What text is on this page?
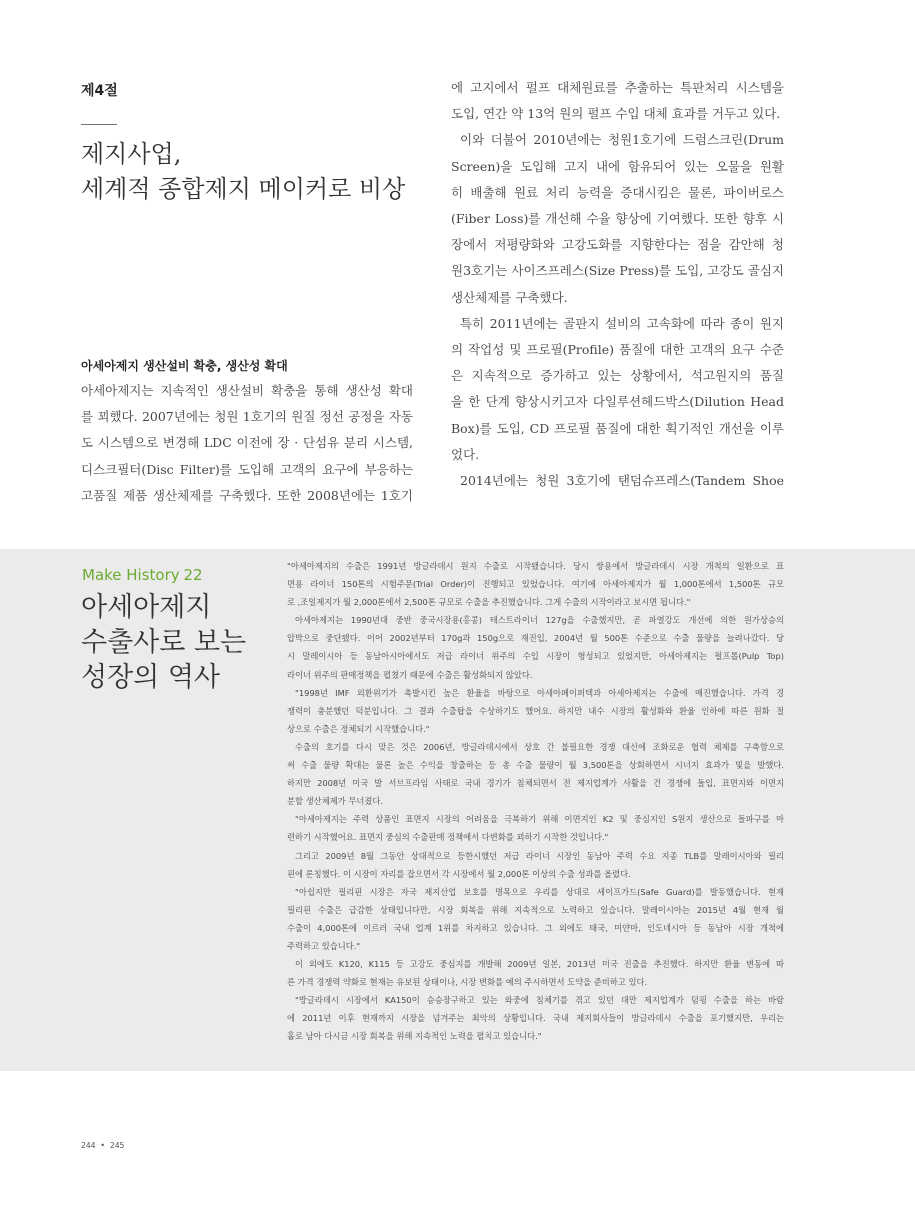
제4절
제지사업,
세계적 종합제지 메이커로 비상
아세아제지 생산설비 확충, 생산성 확대
아세아제지는 지속적인 생산설비 확충을 통해 생산성 확대
를 꾀했다. 2007년에는 청원 1호기의 원질 정선 공정을 자동
도 시스템으로 변경해 LDC 이전에 장 · 단섬유 분리 시스템,
디스크필터(Disc Filter)를 도입해 고객의 요구에 부응하는
고품질 제품 생산체제를 구축했다. 또한 2008년에는 1호기
에 고지에서 펄프 대체원료를 추출하는 특판처리 시스템을
도입, 연간 약 13억 원의 펄프 수입 대체 효과를 거두고 있다.
이와 더불어 2010년에는 청원1호기에 드럼스크린(Drum
Screen)을 도입해 고지 내에 함유되어 있는 오물을 원활
히 배출해 원료 처리 능력을 증대시킴은 물론, 파이버로스
(Fiber Loss)를 개선해 수율 향상에 기여했다. 또한 향후 시
장에서 저평량화와 고강도화를 지향한다는 점을 감안해 청
원3호기는 사이즈프레스(Size Press)를 도입, 고강도 골심지
생산체제를 구축했다.
특히 2011년에는 골판지 설비의 고속화에 따라 종이 원지
의 작업성 및 프로필(Profile) 품질에 대한 고객의 요구 수준
은 지속적으로 증가하고 있는 상황에서, 석고원지의 품질
을 한 단계 향상시키고자 다일루션헤드박스(Dilution Head
Box)를 도입, CD 프로필 품질에 대한 획기적인 개선을 이루
었다.
2014년에는 청원 3호기에 탠덤슈프레스(Tandem Shoe
Make History 22
아세아제지
수출사로 보는
성장의 역사
"아세아제지의 수출은 1991년 방글라데시 원지 수출로 시작됐습니다. 당시 쌍용에서 방글라데시 시장 개척의 일환으로 표
면용 라이너 150톤의 시험주문(Trial Order)이 진행되고 있었습니다. 여기에 아세아제지가 월 1,000톤에서 1,500톤 규모
로 ,조일제지가 월 2,000톤에서 2,500톤 규모로 수출을 추진했습니다. 그게 수출의 시작이라고 보시면 됩니다."
아세아제지는 1990년대 중반 중국시장용(홍콩) 테스트라이너 127g을 수출했지만, 곧 파열강도 개선에 의한 원가상승의
압박으로 중단됐다. 이어 2002년부터 170g과 150g으로 재진입, 2004년 월 500톤 수준으로 수출 물량을 늘려나갔다. 당
시 말레이시아 등 동남아시아에서도 저급 라이너 위주의 수입 시장이 형성되고 있었지만, 아세아제지는 펄프톱(Pulp Top)
라이너 위주의 판매정책을 펼쳤기 때문에 수출은 활성화되지 않았다.
"1998년 IMF 외환위기가 촉발시킨 높은 환율을 바탕으로 아세아페이퍼텍과 아세아제지는 수출에 매진했습니다. 가격 경
쟁력이 충분했던 덕분입니다. 그 결과 수출탑을 수상하기도 했어요. 하지만 내수 시장의 활성화와 환율 인하에 따른 원화 절
상으로 수출은 정체되기 시작했습니다."
수출의 호기를 다시 맞은 것은 2006년, 방글라데시에서 상호 간 불필요한 경쟁 대신에 조화로운 협력 체제를 구축함으로
써 수출 물량 확대는 물론 높은 수익을 창출하는 등 총 수출 물량이 월 3,500톤을 상회하면서 시너지 효과가 빛을 발했다.
하지만 2008년 미국 발 서브프라임 사태로 국내 경기가 침체되면서 전 제지업계가 사활을 건 경쟁에 돌입, 표면지와 이면지
분할 생산체제가 무너졌다.
"아세아제지는 주력 상품인 표면지 시장의 어려움을 극복하기 위해 이면지인 K2 및 중심지인 S원지 생산으로 돌파구를 마
련하기 시작했어요. 표면지 중심의 수출판매 정책에서 다변화를 꾀하기 시작한 것입니다."
그리고 2009년 8월 그동안 상대적으로 등한시했던 저급 라이너 시장인 동남아 주력 수요 지종 TLB를 말레이시아와 필리
핀에 론칭했다. 이 시장이 자리를 잡으면서 각 시장에서 월 2,000톤 이상의 수출 성과를 올렸다.
"아쉽지만 필리핀 시장은 자국 제지산업 보호를 명목으로 우리를 상대로 세이프가드(Safe Guard)를 발동했습니다. 현재
필리핀 수출은 급감한 상태입니다만, 시장 회복을 위해 지속적으로 노력하고 있습니다. 말레이시아는 2015년 4월 현재 월
수출이 4,000톤에 이르러 국내 업계 1위를 차지하고 있습니다. 그 외에도 태국, 미얀마, 인도네시아 등 동남아 시장 개척에
주력하고 있습니다."
이 외에도 K120, K115 등 고강도 중심지를 개발해 2009년 일본, 2013년 미국 진출을 추진했다. 하지만 환율 변동에 따
른 가격 경쟁력 약화로 현재는 유보된 상태이나, 시장 변화를 예의 주시하면서 도약을 준비하고 있다.
"방글라데시 시장에서 KA150이 승승장구하고 있는 와중에 침체기를 겪고 있던 대만 제지업계가 덤핑 수출을 하는 바람
에 2011년 이후 현재까지 시장을 넘겨주는 최악의 상황입니다. 국내 제지회사들이 방글라데시 수출을 포기했지만, 우리는
홀로 남아 다시금 시장 회복을 위해 지속적인 노력을 펼치고 있습니다."
244 • 245
